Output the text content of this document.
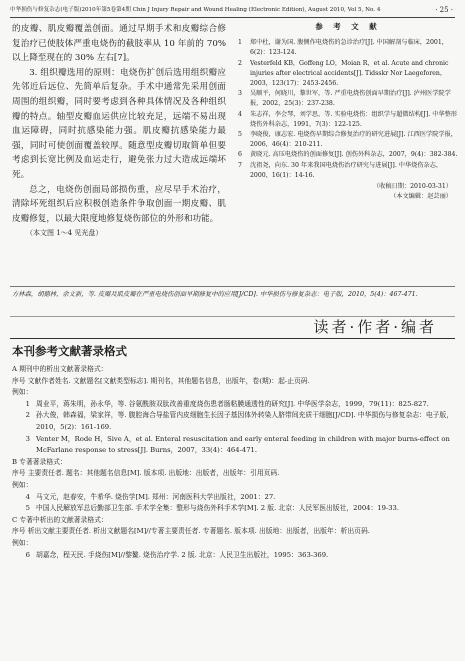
中华损伤与修复杂志(电子版)2010年第5卷第4期 Chin J Injury Repair and Wound Healing (Electronic Edition), August 2010, Vol 5, No. 4	· 25 ·

的皮瓣、肌皮瓣覆盖创面。通过早期手术和皮瓣综合修复治疗已使肢体严重电烧伤的截肢率从 10 年前的 70% 以上降至现在的 30% 左右[7]。

3. 组织瓣选用的原则：电烧伤扩创后选用组织瓣应先邻近后远位、先简单后复杂。手术中通常先采用创面周围的组织瓣，同时要考虑到各种具体情况及各种组织瓣的特点。轴型皮瓣血运供应比较充足，远端不易出现血运障碍，同时抗感染能力强。肌皮瓣抗感染能力最强，同时可使创面覆盖较厚。随意型皮瓣切取简单但要考虑到长宽比例及血运走行，避免张力过大造成远端坏死。

总之，电烧伤创面局部损伤重，应尽早手术治疗，清除坏死组织后应积极创造条件争取创面一期皮瓣、肌皮瓣修复，以最大限度地修复烧伤部位的外形和功能。

（本文图 1～4 见光盘）

参 考 文 献
1	郑中杜，谢为国. 腹侧作电烧伤的急诊治疗[J]. 中国解剖与临床，2001，6(2)：123-124.
2	Vesterfeld KB，Goffeng LO，Moian R，et al. Acute and chronic injuries after electrical accidents[J]. Tidsskr Nor Laegeforen，2003，123(17)：2453-2456.
3	吴顺平，何晓川，黎世军，等. 严重电烧伤创面早期治疗[J]. 泸州医学院学报，2002，25(3)：237-238.
4	朱志祥，李会琴，刘学思，等. 实验电烧伤：组织学与超微结构[J]. 中华整形烧伤外科杂志，1991，7(3)：122-125.
5	李晓俊，康志宏. 电烧伤早期综合修复治疗的研究进展[J]. 江西医学院学报，2006，46(4)：210-211.
6	黄晓元. 高压电烧伤的创面修复[J]. 创伤外科杂志，2007，9(4)：382-384.
7	沈祖尧，向东. 30 年来我国电烧伤治疗研究与进展[J]. 中华烧伤杂志，2000，16(1)：14-16.
（收稿日期：2010-03-31）
（本文编辑：赵芸丽）
方林森，胡德林，余文新，等. 皮瓣及肌皮瓣在严重电烧伤创面早期修复中的应用[J/CD]. 中华损伤与修复杂志：电子版，2010，5(4)：467-471.
读者·作者·编者
本刊参考文献著录格式

A 期刊中的析出文献著录格式：

序号 文献作者姓名. 文献题名[文献类型标志]. 期刊名，其他题名信息，出版年，卷(期)：起-止页码.

例如：

1 周业平，蒋朱明，孙永华，等. 谷氨酰胺双肽改善重度烧伤患者肠粘膜通透性的研究[J]. 中华医学杂志，1999，79(11)：825-827.
2 孙大俊，韩森福，梁家祥，等. 腹腔海合导盐管内皮细胞生长因子基因体外转染人脐带间充质干细胞[J/CD]. 中华损伤与修复杂志：电子版，2010，5(2)：161-169.
3 Venter M，Rode H，Sive A，et al. Enteral resuscitation and early enteral feeding in children with major burns-effect on McFarlane response to stress[J]. Burns，2007，33(4)：464-471.

B 专著著录格式：

序号 主要责任者. 题名：其他题名信息[M]. 版本项. 出版地：出版者，出版年：引用页码.

例如：

4 马文元，赵春安，牛希华. 烧伤学[M]. 郑州：河南医科大学出版社，2001：27.
5 中国人民解放军总后勤部卫生部. 手术学全集：整形与烧伤外科手术学[M]. 2 版. 北京：人民军医出版社，2004：19-33.

C 专著中析出的文献著录格式：

序号 析出文献主要责任者. 析出文献题名[M]//专著主要责任者. 专著题名. 版本项. 出版地：出版者，出版年：析出页码.

例如：

6 胡嘉念，程天民. 手烧伤[M]//黎鳌. 烧伤治疗学. 2 版. 北京：人民卫生出版社，1995：363-369.
